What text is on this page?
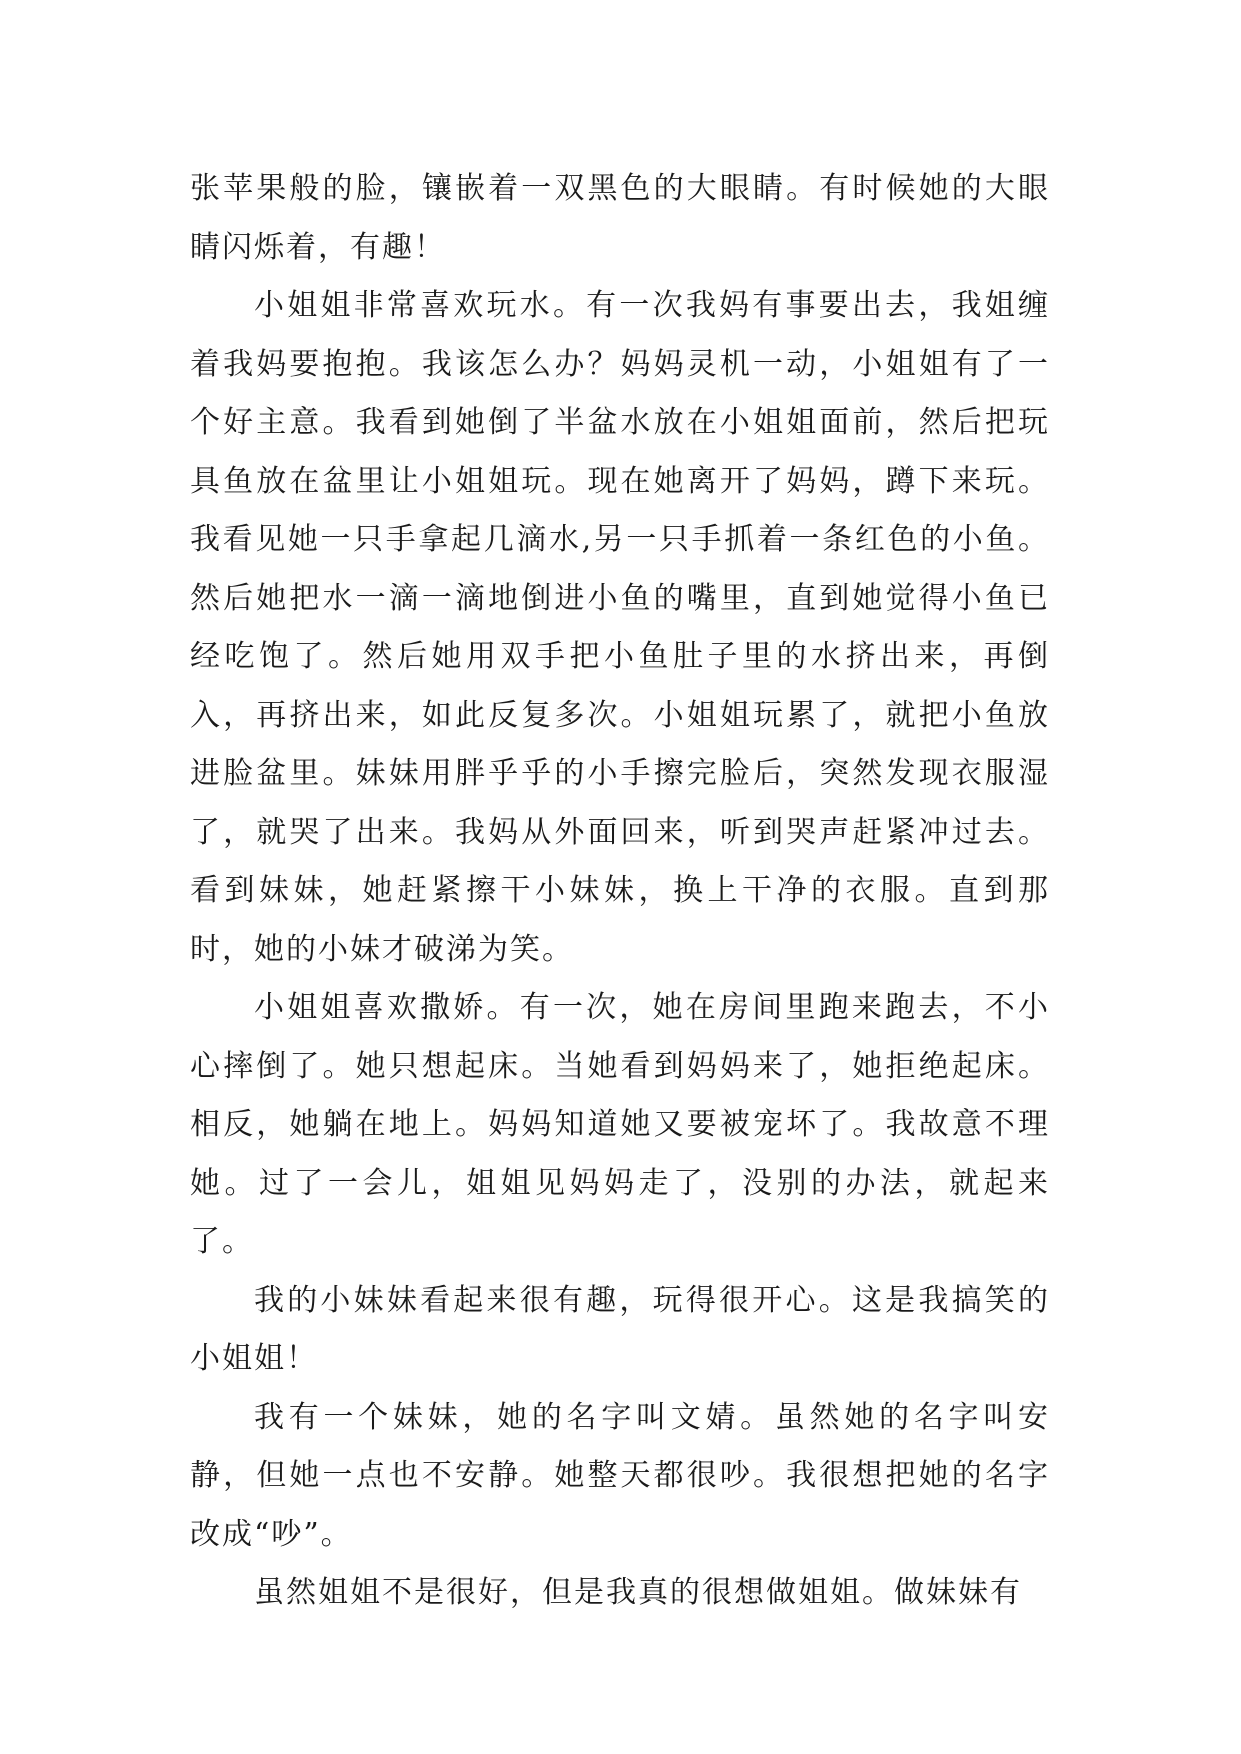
张苹果般的脸，镶嵌着一双黑色的大眼睛。有时候她的大眼睛闪烁着，有趣！

小姐姐非常喜欢玩水。有一次我妈有事要出去，我姐缠着我妈要抱抱。我该怎么办？妈妈灵机一动，小姐姐有了一个好主意。我看到她倒了半盆水放在小姐姐面前，然后把玩具鱼放在盆里让小姐姐玩。现在她离开了妈妈，蹲下来玩。我看见她一只手拿起几滴水,另一只手抓着一条红色的小鱼。然后她把水一滴一滴地倒进小鱼的嘴里，直到她觉得小鱼已经吃饱了。然后她用双手把小鱼肚子里的水挤出来，再倒入，再挤出来，如此反复多次。小姐姐玩累了，就把小鱼放进脸盆里。妹妹用胖乎乎的小手擦完脸后，突然发现衣服湿了，就哭了出来。我妈从外面回来，听到哭声赶紧冲过去。看到妹妹，她赶紧擦干小妹妹，换上干净的衣服。直到那时，她的小妹才破涕为笑。

小姐姐喜欢撒娇。有一次，她在房间里跑来跑去，不小心摔倒了。她只想起床。当她看到妈妈来了，她拒绝起床。相反，她躺在地上。妈妈知道她又要被宠坏了。我故意不理她。过了一会儿，姐姐见妈妈走了，没别的办法，就起来了。

我的小妹妹看起来很有趣，玩得很开心。这是我搞笑的小姐姐！

我有一个妹妹，她的名字叫文婧。虽然她的名字叫安静，但她一点也不安静。她整天都很吵。我很想把她的名字改成“吵”。

虽然姐姐不是很好，但是我真的很想做姐姐。做妹妹有
